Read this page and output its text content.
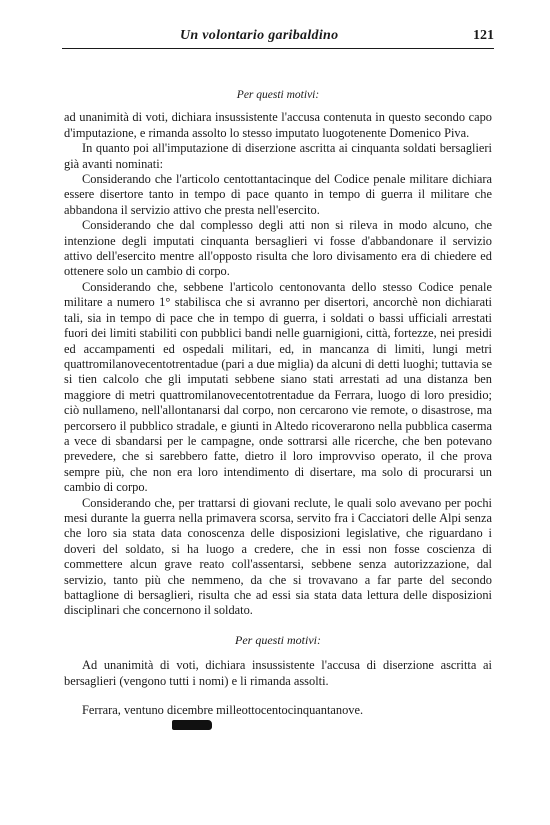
Un volontario garibaldino	121
Per questi motivi:

ad unanimità di voti, dichiara insussistente l'accusa contenuta in questo secondo capo d'imputazione, e rimanda assolto lo stesso imputato luogotenente Domenico Piva.

In quanto poi all'imputazione di diserzione ascritta ai cinquanta soldati bersaglieri già avanti nominati:

Considerando che l'articolo centottantacinque del Codice penale militare dichiara essere disertore tanto in tempo di pace quanto in tempo di guerra il militare che abbandona il servizio attivo che presta nell'esercito.

Considerando che dal complesso degli atti non si rileva in modo alcuno, che intenzione degli imputati cinquanta bersaglieri vi fosse d'abbandonare il servizio attivo dell'esercito mentre all'opposto risulta che loro divisamento era di chiedere ed ottenere solo un cambio di corpo.

Considerando che, sebbene l'articolo centonovanta dello stesso Codice penale militare a numero 1° stabilisca che si avranno per disertori, ancorchè non dichiarati tali, sia in tempo di pace che in tempo di guerra, i soldati o bassi ufficiali arrestati fuori dei limiti stabiliti con pubblici bandi nelle guarnigioni, città, fortezze, nei presidi ed accampamenti ed ospedali militari, ed, in mancanza di limiti, lungi metri quattromilanovecentotrentadue (pari a due miglia) da alcuni di detti luoghi; tuttavia se si tien calcolo che gli imputati sebbene siano stati arrestati ad una distanza ben maggiore di metri quattromilanovecentotrentadue da Ferrara, luogo di loro presidio; ciò nullameno, nell'allontanarsi dal corpo, non cercarono vie remote, o disastrose, ma percorsero il pubblico stradale, e giunti in Altedo ricoverarono nella pubblica caserma a vece di sbandarsi per le campagne, onde sottrarsi alle ricerche, che ben potevano prevedere, che si sarebbero fatte, dietro il loro improvviso operato, il che prova sempre più, che non era loro intendimento di disertare, ma solo di procurarsi un cambio di corpo.

Considerando che, per trattarsi di giovani reclute, le quali solo avevano per pochi mesi durante la guerra nella primavera scorsa, servito fra i Cacciatori delle Alpi senza che loro sia stata data conoscenza delle disposizioni legislative, che riguardano i doveri del soldato, si ha luogo a credere, che in essi non fosse coscienza di commettere alcun grave reato coll'assentarsi, sebbene senza autorizzazione, dal servizio, tanto più che nemmeno, da che si trovavano a far parte del secondo battaglione di bersaglieri, risulta che ad essi sia stata data lettura delle disposizioni disciplinari che concernono il soldato.

Per questi motivi:

Ad unanimità di voti, dichiara insussistente l'accusa di diserzione ascritta ai bersaglieri (vengono tutti i nomi) e li rimanda assolti.

Ferrara, ventuno dicembre milleottocentocinquantanove.
